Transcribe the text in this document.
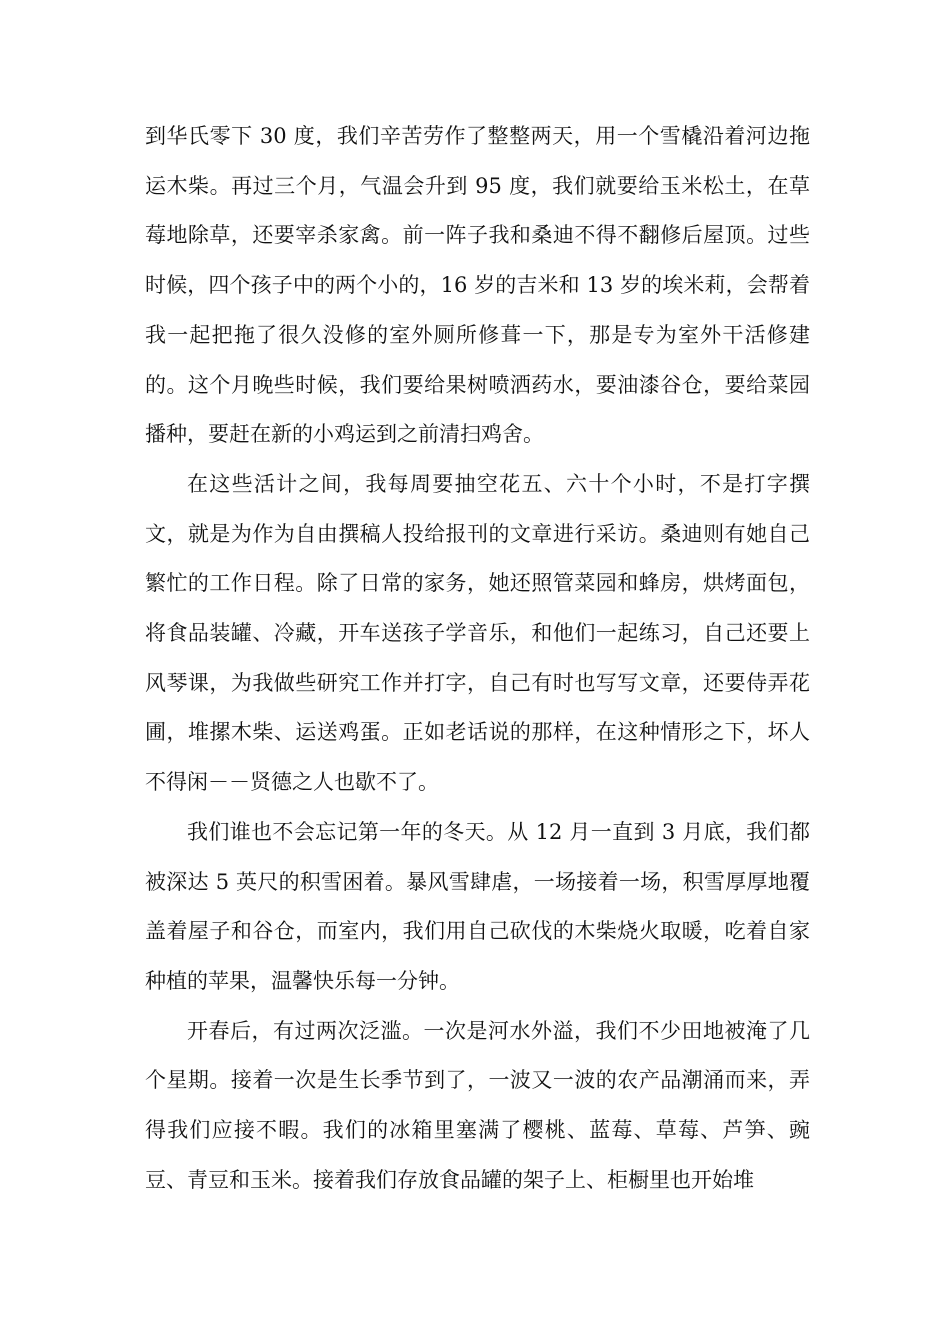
到华氏零下 30 度，我们辛苦劳作了整整两天，用一个雪橇沿着河边拖运木柴。再过三个月，气温会升到 95 度，我们就要给玉米松土，在草莓地除草，还要宰杀家禽。前一阵子我和桑迪不得不翻修后屋顶。过些时候，四个孩子中的两个小的，16 岁的吉米和 13 岁的埃米莉，会帮着我一起把拖了很久没修的室外厕所修葺一下，那是专为室外干活修建的。这个月晚些时候，我们要给果树喷洒药水，要油漆谷仓，要给菜园播种，要赶在新的小鸡运到之前清扫鸡舍。

在这些活计之间，我每周要抽空花五、六十个小时，不是打字撰文，就是为作为自由撰稿人投给报刊的文章进行采访。桑迪则有她自己繁忙的工作日程。除了日常的家务，她还照管菜园和蜂房，烘烤面包，将食品装罐、冷藏，开车送孩子学音乐，和他们一起练习，自己还要上风琴课，为我做些研究工作并打字，自己有时也写写文章，还要侍弄花圃，堆摞木柴、运送鸡蛋。正如老话说的那样，在这种情形之下，坏人不得闲－－贤德之人也歇不了。

我们谁也不会忘记第一年的冬天。从 12 月一直到 3 月底，我们都被深达 5 英尺的积雪困着。暴风雪肆虐，一场接着一场，积雪厚厚地覆盖着屋子和谷仓，而室内，我们用自己砍伐的木柴烧火取暖，吃着自家种植的苹果，温馨快乐每一分钟。

开春后，有过两次泛滥。一次是河水外溢，我们不少田地被淹了几个星期。接着一次是生长季节到了，一波又一波的农产品潮涌而来，弄得我们应接不暇。我们的冰箱里塞满了樱桃、蓝莓、草莓、芦笋、豌豆、青豆和玉米。接着我们存放食品罐的架子上、柜橱里也开始堆
